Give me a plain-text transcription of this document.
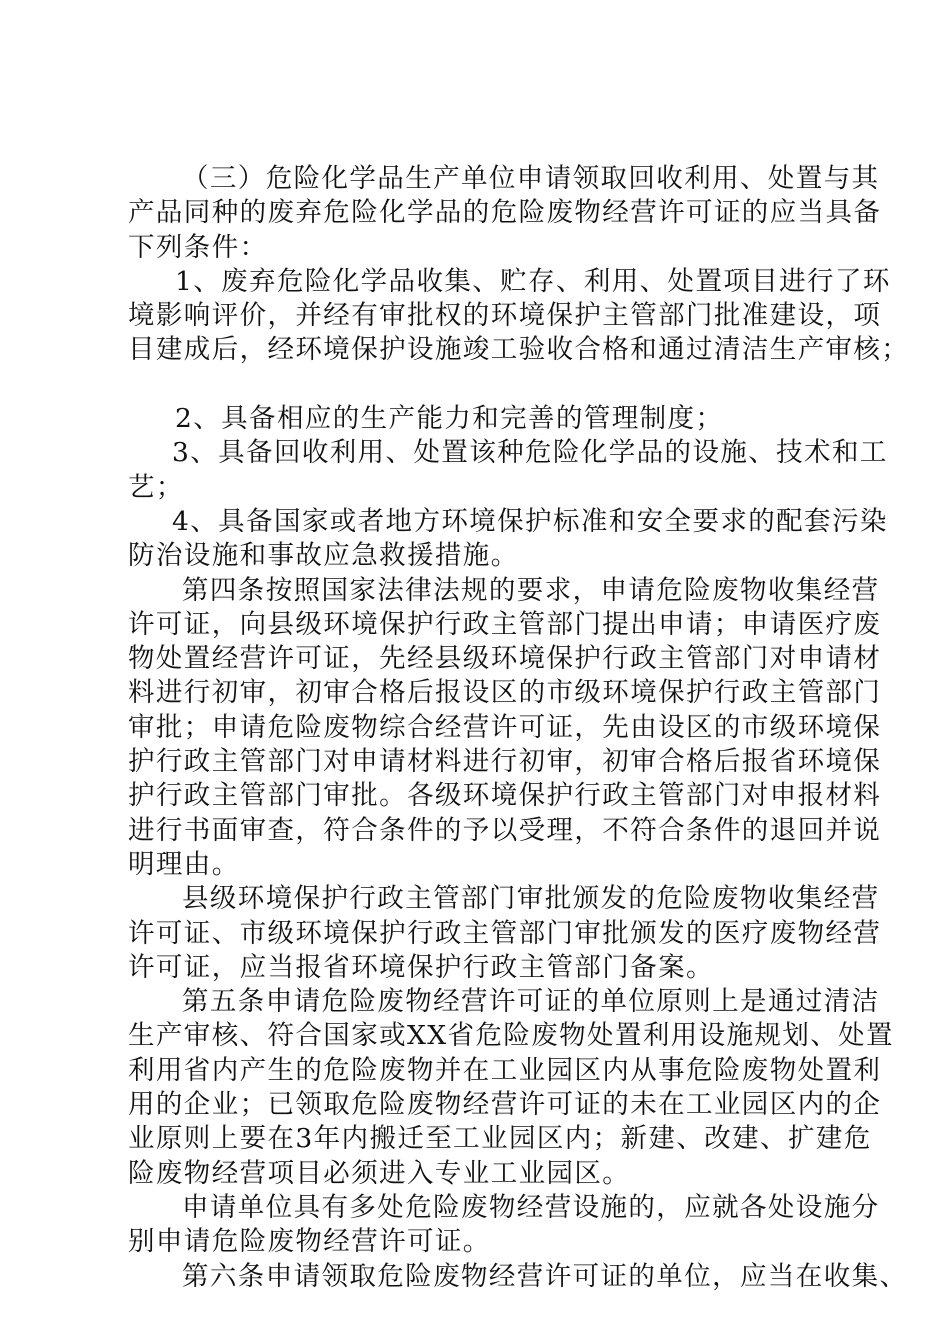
（三）危险化学品生产单位申请领取回收利用、处置与其
产品同种的废弃危险化学品的危险废物经营许可证的应当具备
下列条件：
1、废弃危险化学品收集、贮存、利用、处置项目进行了环
境影响评价，并经有审批权的环境保护主管部门批准建设，项
目建成后，经环境保护设施竣工验收合格和通过清洁生产审核；
2、具备相应的生产能力和完善的管理制度；
3、具备回收利用、处置该种危险化学品的设施、技术和工
艺；
4、具备国家或者地方环境保护标准和安全要求的配套污染
防治设施和事故应急救援措施。
第四条按照国家法律法规的要求，申请危险废物收集经营
许可证，向县级环境保护行政主管部门提出申请；申请医疗废
物处置经营许可证，先经县级环境保护行政主管部门对申请材
料进行初审，初审合格后报设区的市级环境保护行政主管部门
审批；申请危险废物综合经营许可证，先由设区的市级环境保
护行政主管部门对申请材料进行初审，初审合格后报省环境保
护行政主管部门审批。各级环境保护行政主管部门对申报材料
进行书面审查，符合条件的予以受理，不符合条件的退回并说
明理由。
县级环境保护行政主管部门审批颁发的危险废物收集经营
许可证、市级环境保护行政主管部门审批颁发的医疗废物经营
许可证，应当报省环境保护行政主管部门备案。
第五条申请危险废物经营许可证的单位原则上是通过清洁
生产审核、符合国家或XX省危险废物处置利用设施规划、处置
利用省内产生的危险废物并在工业园区内从事危险废物处置利
用的企业；已领取危险废物经营许可证的未在工业园区内的企
业原则上要在3年内搬迁至工业园区内；新建、改建、扩建危
险废物经营项目必须进入专业工业园区。
申请单位具有多处危险废物经营设施的，应就各处设施分
别申请危险废物经营许可证。
第六条申请领取危险废物经营许可证的单位，应当在收集、
